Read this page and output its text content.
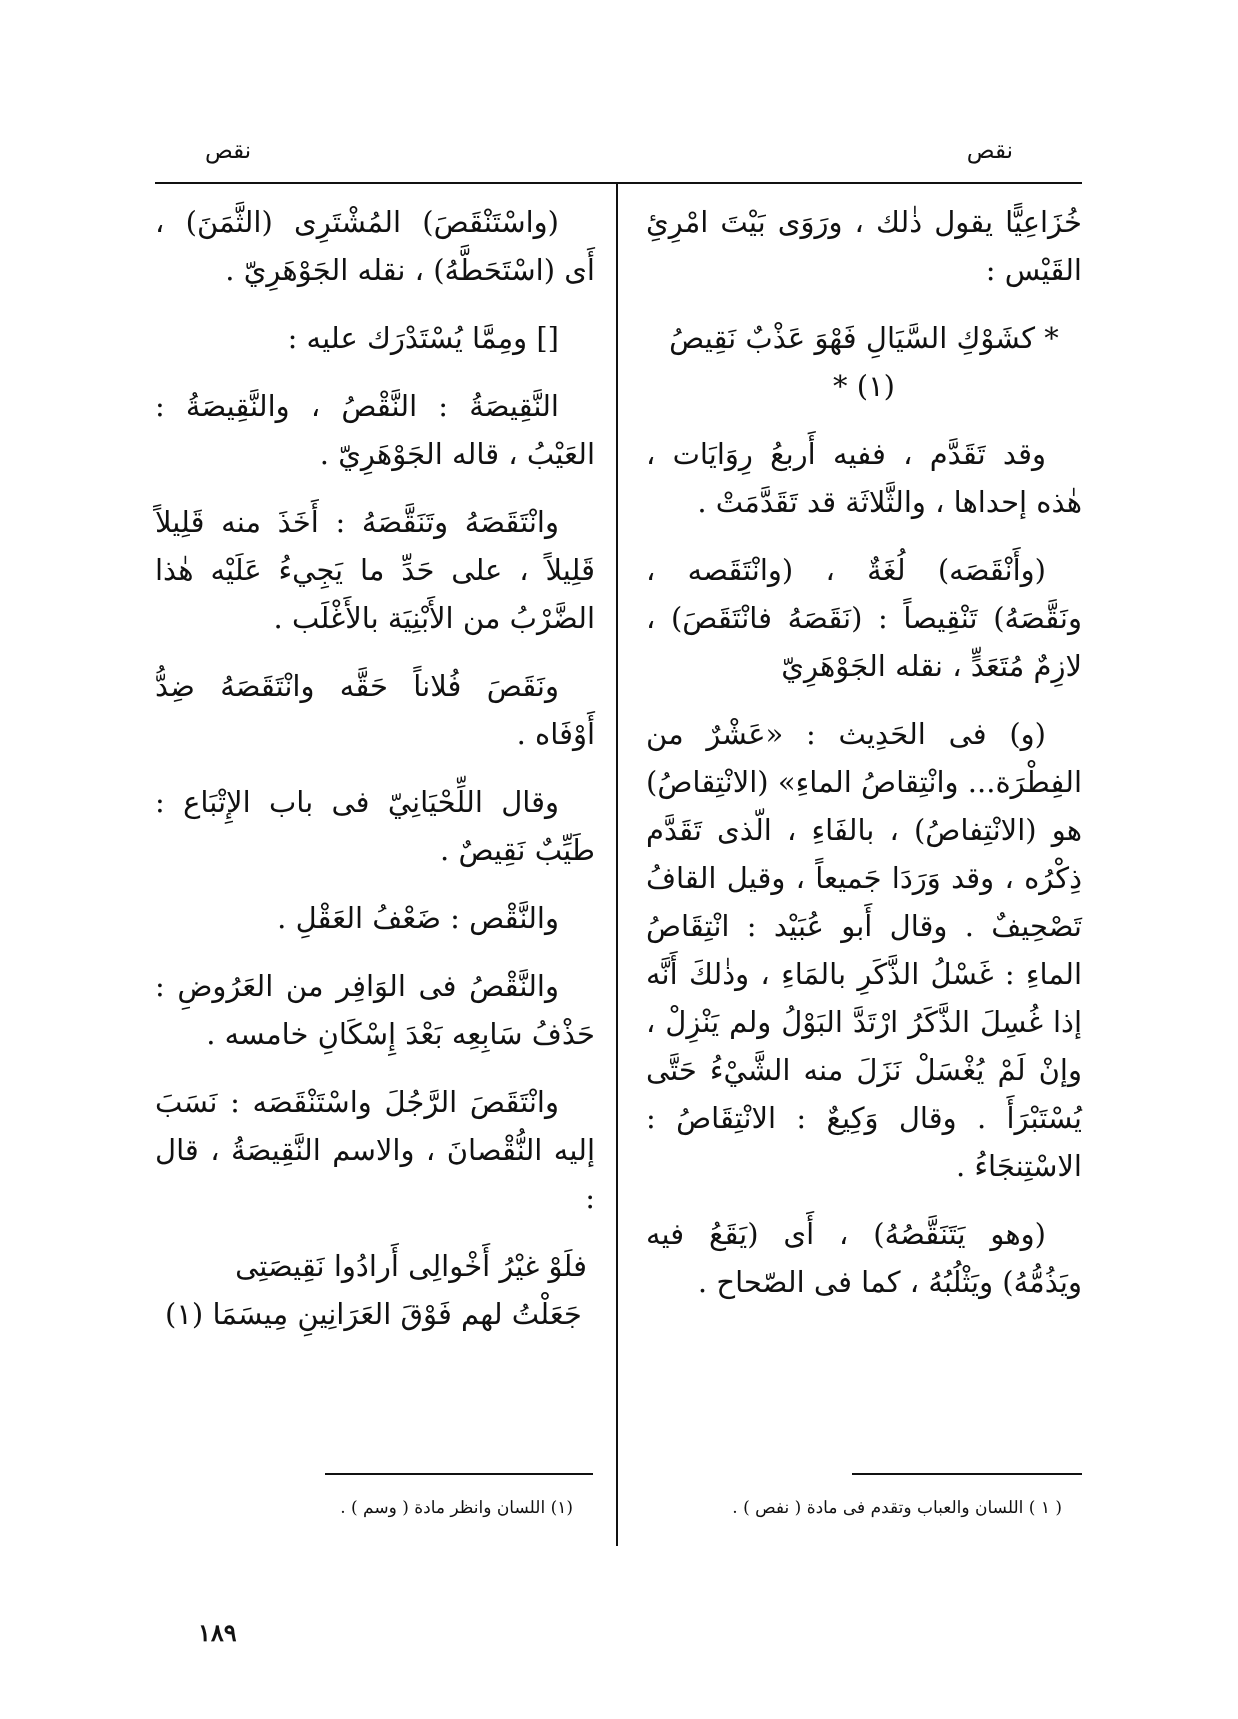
نقص
نقص

خُزَاعِيًّا يقول ذٰلك ، ورَوَى بَيْتَ امْرِئِ القَيْس :

* كشَوْكِ السَّيَالِ فَهْوَ عَذْبٌ نَقِيصُ (١) *

وقد تَقَدَّم ، ففيه أَربعُ رِوَايَات ، هٰذه إحداها ، والثَّلاثَة قد تَقَدَّمَتْ .

(وأَنْقَصَه) لُغَةٌ ، (وانْتَقَصه ، ونَقَّصَهُ) تَنْقِيصاً : (نَقَصَهُ فانْتَقَصَ) ، لازِمٌ مُتَعَدٍّ ، نقله الجَوْهَرِيّ

(و) فى الحَدِيث : «عَشْرٌ من الفِطْرَة... وانْتِقاصُ الماءِ» (الانْتِقاصُ) هو (الانْتِفاصُ) ، بالفَاءِ ، الّذى تَقَدَّم ذِكْرُه ، وقد وَرَدَا جَميعاً ، وقيل القافُ تَصْحِيفٌ . وقال أَبو عُبَيْد : انْتِقَاصُ الماءِ : غَسْلُ الذَّكَرِ بالمَاءِ ، وذٰلكَ أَنَّه إذا غُسِلَ الذَّكَرُ ارْتَدَّ البَوْلُ ولم يَنْزِلْ ، وإنْ لَمْ يُغْسَلْ نَزَلَ منه الشَّيْءُ حَتَّى يُسْتَبْرَأَ . وقال وَكِيعٌ : الانْتِقَاصُ : الاسْتِنجَاءُ .

(وهو يَتَنَقَّصُهُ) ، أَى (يَقَعُ فيه ويَذُمُّهُ) ويَثْلُبُهُ ، كما فى الصّحاح .

(واسْتَنْقَصَ) المُشْتَرِى (الثَّمَنَ) ، أَى (اسْتَحَطَّهُ) ، نقله الجَوْهَرِيّ .

[] ومِمَّا يُسْتَدْرَك عليه :

النَّقِيصَةُ : النَّقْصُ ، والنَّقِيصَةُ : العَيْبُ ، قاله الجَوْهَرِيّ .

وانْتَقَصَهُ وتَنَقَّصَهُ : أَخَذَ منه قَلِيلاً قَلِيلاً ، على حَدِّ ما يَجِيءُ عَلَيْه هٰذا الضَّرْبُ من الأَبْنِيَة بالأَغْلَب .

ونَقَصَ فُلاناً حَقَّه وانْتَقَصَهُ ضِدُّ أَوْفَاه .

وقال اللِّحْيَانِيّ فى باب الإِتْبَاع : طَيِّبٌ نَقِيصٌ .

والنَّقْص : ضَعْفُ العَقْلِ .

والنَّقْصُ فى الوَافِر من العَرُوضِ : حَذْفُ سَابِعِه بَعْدَ إِسْكَانِ خامسه .

وانْتَقَصَ الرَّجُلَ واسْتَنْقَصَه : نَسَبَ إليه النُّقْصانَ ، والاسم النَّقِيصَةُ ، قال :

فلَوْ غيْرُ أَخْوالِى أَرادُوا نَقِيصَتِى
جَعَلْتُ لهم فَوْقَ العَرَانِينِ مِيسَمَا (١)
( ١ ) اللسان والعباب وتقدم فى مادة ( نفص ) .
(١) اللسان وانظر مادة ( وسم ) .
١٨٩
